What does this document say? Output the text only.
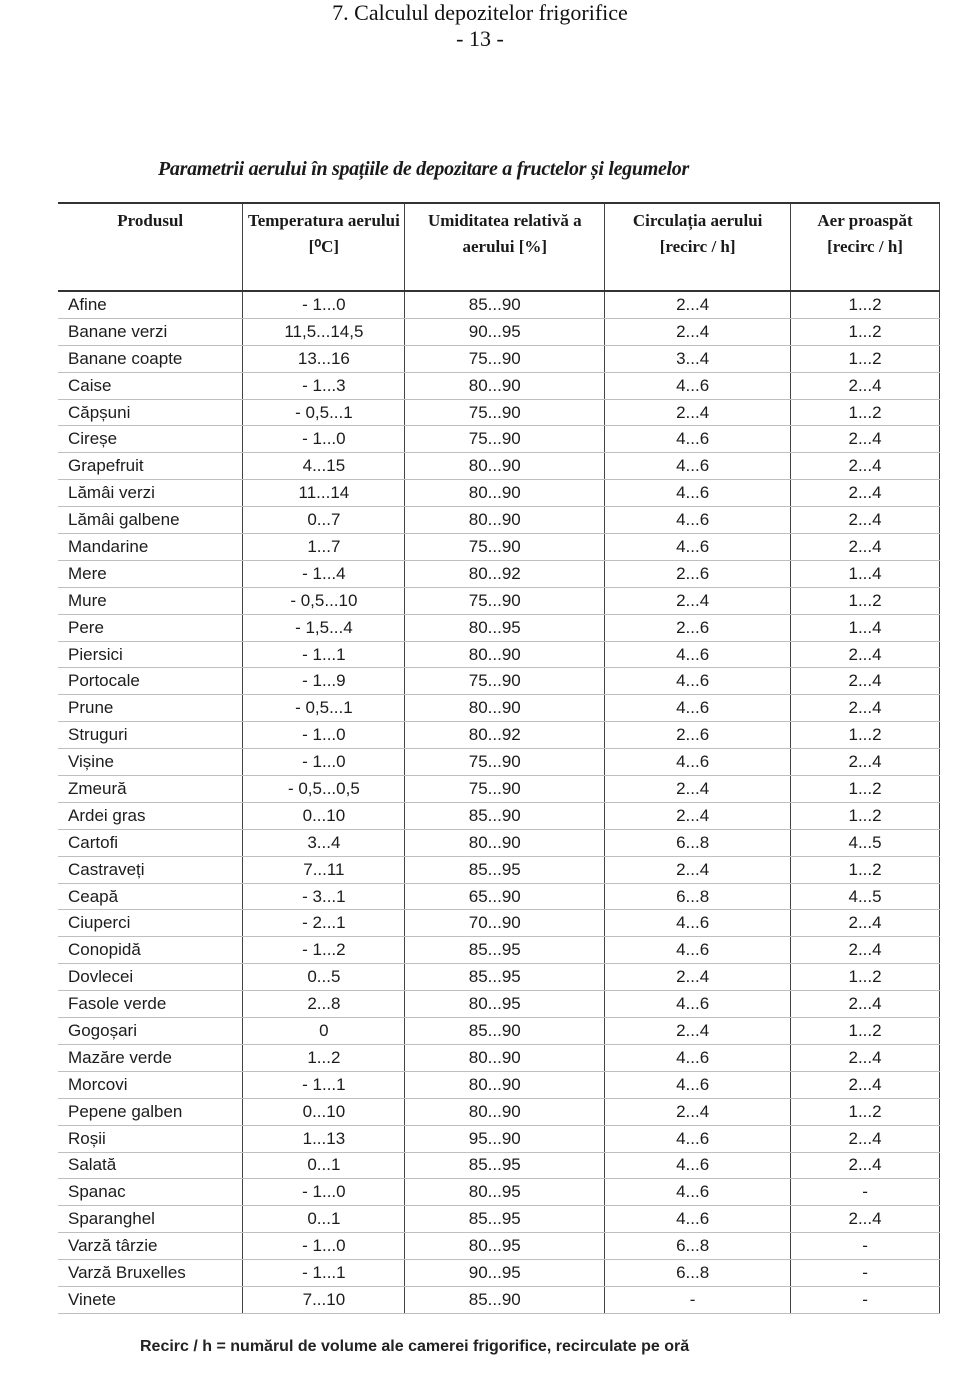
7. Calculul depozitelor frigorifice
- 13 -
Parametrii aerului în spațiile de depozitare a fructelor și legumelor
Produsul	Temperatura aerului [⁰C]	Umiditatea relativă a aerului [%]	Circulația aerului [recirc / h]	Aer proaspăt [recirc / h]
Afine	- 1...0	85...90	2...4	1...2
Banane verzi	11,5...14,5	90...95	2...4	1...2
Banane coapte	13...16	75...90	3...4	1...2
Caise	- 1...3	80...90	4...6	2...4
Căpșuni	- 0,5...1	75...90	2...4	1...2
Cireșe	- 1...0	75...90	4...6	2...4
Grapefruit	4...15	80...90	4...6	2...4
Lămâi verzi	11...14	80...90	4...6	2...4
Lămâi galbene	0...7	80...90	4...6	2...4
Mandarine	1...7	75...90	4...6	2...4
Mere	- 1...4	80...92	2...6	1...4
Mure	- 0,5...10	75...90	2...4	1...2
Pere	- 1,5...4	80...95	2...6	1...4
Piersici	- 1...1	80...90	4...6	2...4
Portocale	- 1...9	75...90	4...6	2...4
Prune	- 0,5...1	80...90	4...6	2...4
Struguri	- 1...0	80...92	2...6	1...2
Vișine	- 1...0	75...90	4...6	2...4
Zmeură	- 0,5...0,5	75...90	2...4	1...2
Ardei gras	0...10	85...90	2...4	1...2
Cartofi	3...4	80...90	6...8	4...5
Castraveți	7...11	85...95	2...4	1...2
Ceapă	- 3...1	65...90	6...8	4...5
Ciuperci	- 2...1	70...90	4...6	2...4
Conopidă	- 1...2	85...95	4...6	2...4
Dovlecei	0...5	85...95	2...4	1...2
Fasole verde	2...8	80...95	4...6	2...4
Gogoșari	0	85...90	2...4	1...2
Mazăre verde	1...2	80...90	4...6	2...4
Morcovi	- 1...1	80...90	4...6	2...4
Pepene galben	0...10	80...90	2...4	1...2
Roșii	1...13	95...90	4...6	2...4
Salată	0...1	85...95	4...6	2...4
Spanac	- 1...0	80...95	4...6	-
Sparanghel	0...1	85...95	4...6	2...4
Varză târzie	- 1...0	80...95	6...8	-
Varză Bruxelles	- 1...1	90...95	6...8	-
Vinete	7...10	85...90	-	-
Recirc / h = numărul de volume ale camerei frigorifice, recirculate pe oră
